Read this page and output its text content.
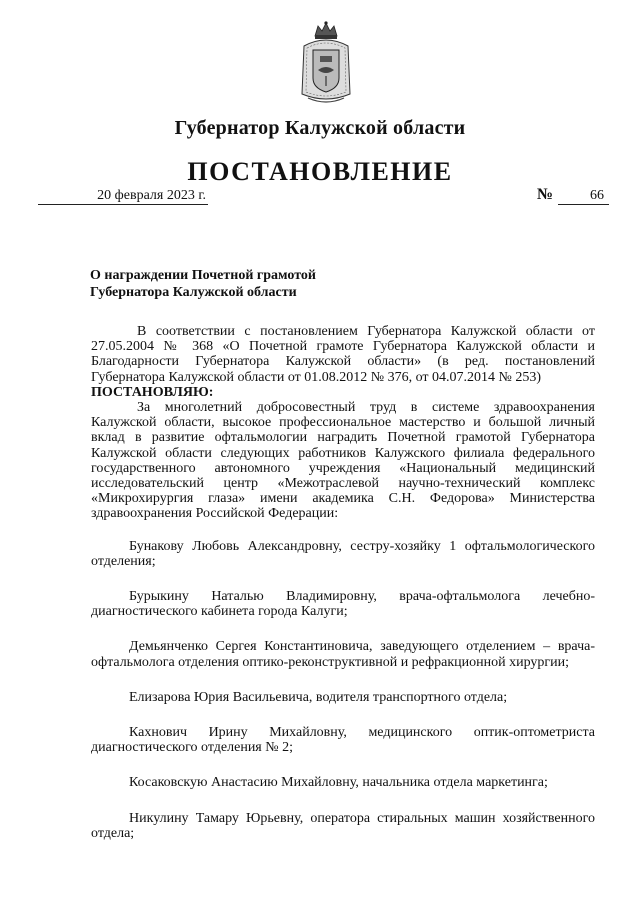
Губернатор Калужской области
ПОСТАНОВЛЕНИЕ
20 февраля 2023 г.	№	66
О награждении Почетной грамотой
Губернатора Калужской области

В соответствии с постановлением Губернатора Калужской области от 27.05.2004 № 368 «О Почетной грамоте Губернатора Калужской области и Благодарности Губернатора Калужской области» (в ред. постановлений Губернатора Калужской области от 01.08.2012 № 376, от 04.07.2014 № 253)

ПОСТАНОВЛЯЮ:

За многолетний добросовестный труд в системе здравоохранения Калужской области, высокое профессиональное мастерство и большой личный вклад в развитие офтальмологии наградить Почетной грамотой Губернатора Калужской области следующих работников Калужского филиала федерального государственного автономного учреждения «Национальный медицинский исследовательский центр «Межотраслевой научно-технический комплекс «Микрохирургия глаза» имени академика С.Н. Федорова» Министерства здравоохранения Российской Федерации:

Бунакову Любовь Александровну, сестру-хозяйку 1 офтальмологического отделения;

Бурыкину Наталью Владимировну, врача-офтальмолога лечебно-диагностического кабинета города Калуги;

Демьянченко Сергея Константиновича, заведующего отделением – врача-офтальмолога отделения оптико-реконструктивной и рефракционной хирургии;

Елизарова Юрия Васильевича, водителя транспортного отдела;

Кахнович Ирину Михайловну, медицинского оптик-оптометриста диагностического отделения № 2;

Косаковскую Анастасию Михайловну, начальника отдела маркетинга;

Никулину Тамару Юрьевну, оператора стиральных машин хозяйственного отдела;
